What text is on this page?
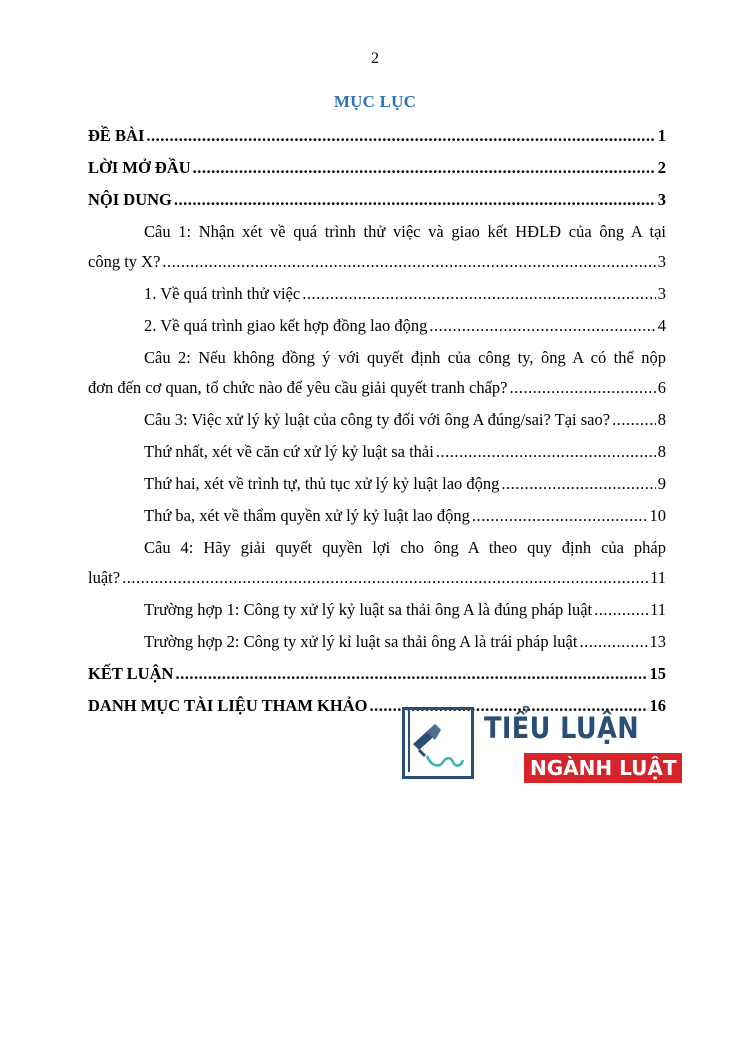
2
MỤC LỤC
ĐỀ BÀI .....	1
LỜI MỞ ĐẦU .....	2
NỘI DUNG .....	3
Câu 1: Nhận xét về quá trình thử việc và giao kết HĐLĐ của ông A tại
công ty X? .....	3
1. Về quá trình thử việc .....	3
2. Về quá trình giao kết hợp đồng lao động .....	4
Câu 2: Nếu không đồng ý với quyết định của công ty, ông A có thể nộp
đơn đến cơ quan, tổ chức nào để yêu cầu giải quyết tranh chấp? .....	6
Câu 3: Việc xử lý kỷ luật của công ty đối với ông A đúng/sai? Tại sao? .....	8
Thứ nhất, xét về căn cứ xử lý kỷ luật sa thải .....	8
Thứ hai, xét về trình tự, thủ tục xử lý kỷ luật lao động .....	9
Thứ ba, xét về thẩm quyền xử lý kỷ luật lao động .....	10
Câu 4: Hãy giải quyết quyền lợi cho ông A theo quy định của pháp
luật? .....	11
Trường hợp 1: Công ty xử lý kỷ luật sa thải ông A là đúng pháp luật .....	11
Trường hợp 2: Công ty xử lý kỉ luật sa thải ông A là trái pháp luật .....	13
KẾT LUẬN .....	15
DANH MỤC TÀI LIỆU THAM KHẢO .....	16
TIỂU LUẬN
NGÀNH LUẬT
